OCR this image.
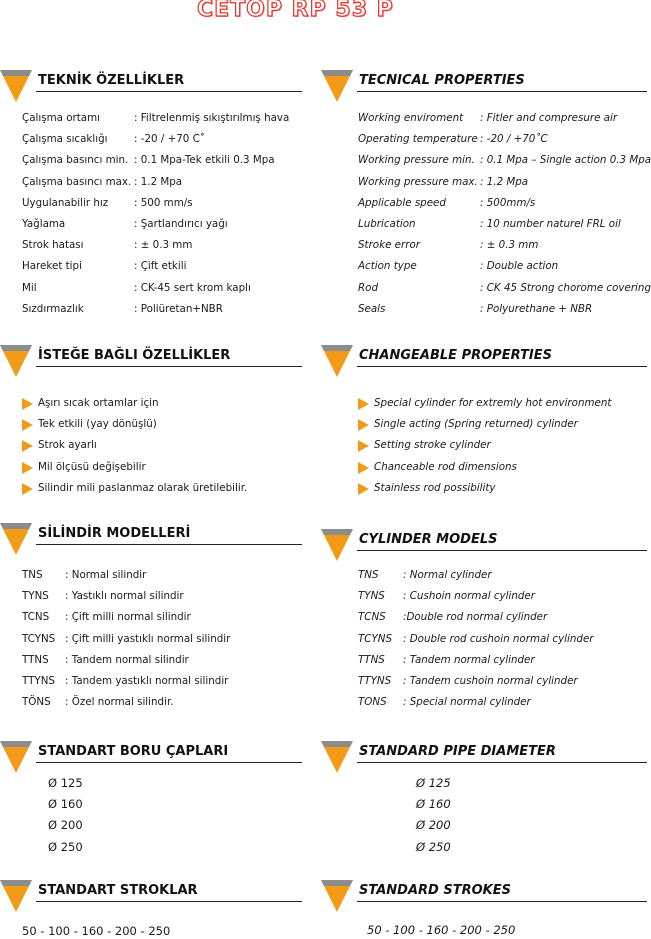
CETOP RP 53 P
TEKNİK ÖZELLİKLER
Çalışma ortamı	: Filtrelenmiş sıkıştırılmış hava
Çalışma sıcaklığı	: -20 / +70 C˚
Çalışma basıncı min. : 0.1 Mpa-Tek etkili 0.3 Mpa
Çalışma basıncı max. : 1.2 Mpa
Uygulanabilir hız	: 500 mm/s
Yağlama	: Şartlandırıcı yağı
Strok hatası	: ± 0.3 mm
Hareket tipi	: Çift etkili
Mil	: CK-45 sert krom kaplı
Sızdırmazlık	: Poliüretan+NBR
İSTEĞE BAĞLI ÖZELLİKLER
Aşırı sıcak ortamlar için
Tek etkili (yay dönüşlü)
Strok ayarlı
Mil ölçüsü değişebilir
Silindir mili paslanmaz olarak üretilebilir.
SİLİNDİR MODELLERİ
TNS : Normal silindir
TYNS : Yastıklı normal silindir
TCNS : Çift milli normal silindir
TCYNS : Çift milli yastıklı normal silindir
TTNS : Tandem normal silindir
TTYNS : Tandem yastıklı normal silindir
TÖNS : Özel normal silindir.
STANDART BORU ÇAPLARI
Ø 125
Ø 160
Ø 200
Ø 250
STANDART STROKLAR
50 - 100 - 160 - 200 - 250
TECNICAL PROPERTIES
Working enviroment : Fitler and compresure air
Operating temperature : -20 / +70˚C
Working pressure min. : 0.1 Mpa – Single action 0.3 Mpa
Working pressure max. : 1.2 Mpa
Applicable speed	: 500mm/s
Lubrication	: 10 number naturel FRL oil
Stroke error	: ± 0.3 mm
Action type	: Double action
Rod	: CK 45 Strong chorome covering
Seals	: Polyurethane + NBR
CHANGEABLE PROPERTIES
Special cylinder for extremly hot environment
Single acting (Spring returned) cylinder
Setting stroke cylinder
Chanceable rod dimensions
Stainless rod possibility
CYLINDER MODELS
TNS : Normal cylinder
TYNS : Cushoin normal cylinder
TCNS :Double rod normal cylinder
TCYNS : Double rod cushoin normal cylinder
TTNS : Tandem normal cylinder
TTYNS : Tandem cushoin normal cylinder
TONS : Special normal cylinder
STANDARD PIPE DIAMETER
Ø 125
Ø 160
Ø 200
Ø 250
STANDARD STROKES
50 - 100 - 160 - 200 - 250
